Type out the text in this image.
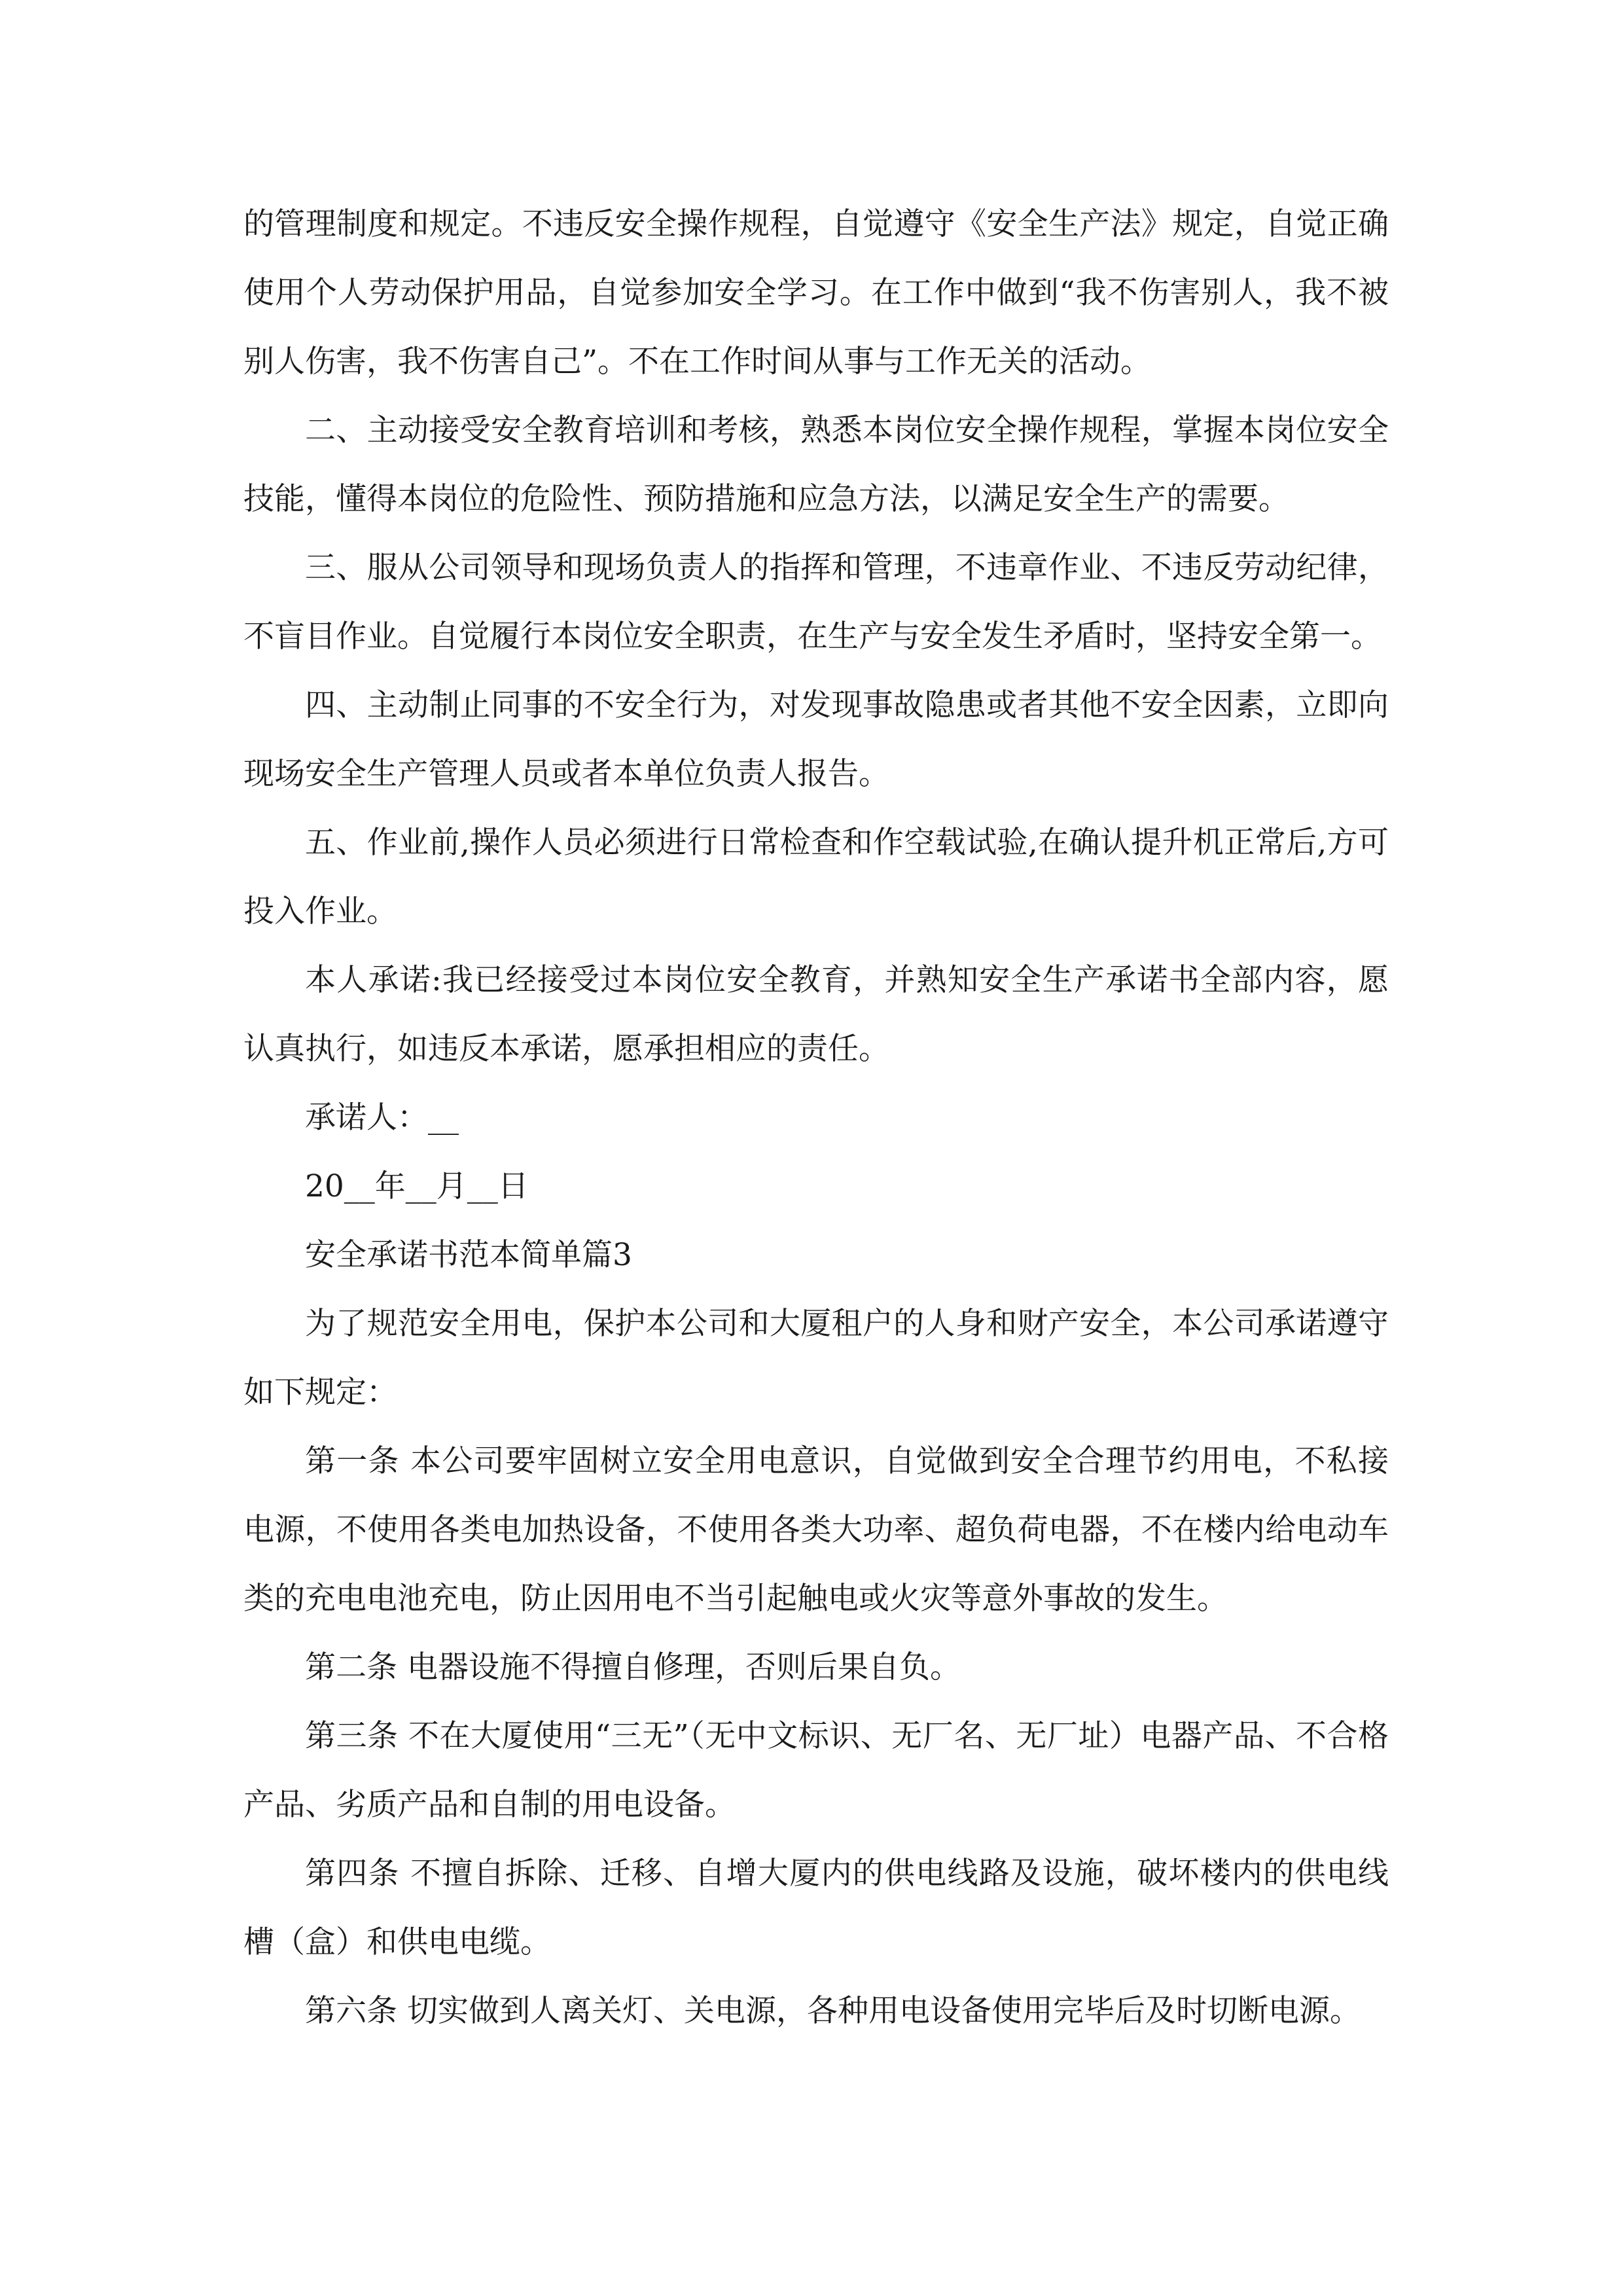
的管理制度和规定。不违反安全操作规程，自觉遵守《安全生产法》规定，自觉正确使用个人劳动保护用品，自觉参加安全学习。在工作中做到“我不伤害别人，我不被别人伤害，我不伤害自己”。不在工作时间从事与工作无关的活动。

二、主动接受安全教育培训和考核，熟悉本岗位安全操作规程，掌握本岗位安全技能，懂得本岗位的危险性、预防措施和应急方法，以满足安全生产的需要。

三、服从公司领导和现场负责人的指挥和管理，不违章作业、不违反劳动纪律，不盲目作业。自觉履行本岗位安全职责，在生产与安全发生矛盾时，坚持安全第一。

四、主动制止同事的不安全行为，对发现事故隐患或者其他不安全因素，立即向现场安全生产管理人员或者本单位负责人报告。

五、作业前,操作人员必须进行日常检查和作空载试验,在确认提升机正常后,方可投入作业。

本人承诺:我已经接受过本岗位安全教育，并熟知安全生产承诺书全部内容，愿认真执行，如违反本承诺，愿承担相应的责任。

承诺人：__

20__年__月__日

安全承诺书范本简单篇3

为了规范安全用电，保护本公司和大厦租户的人身和财产安全，本公司承诺遵守如下规定：

第一条 本公司要牢固树立安全用电意识，自觉做到安全合理节约用电，不私接电源，不使用各类电加热设备，不使用各类大功率、超负荷电器，不在楼内给电动车类的充电电池充电，防止因用电不当引起触电或火灾等意外事故的发生。

第二条 电器设施不得擅自修理，否则后果自负。

第三条 不在大厦使用“三无”（无中文标识、无厂名、无厂址）电器产品、不合格产品、劣质产品和自制的用电设备。

第四条 不擅自拆除、迁移、自增大厦内的供电线路及设施，破坏楼内的供电线槽（盒）和供电电缆。

第六条 切实做到人离关灯、关电源，各种用电设备使用完毕后及时切断电源。
